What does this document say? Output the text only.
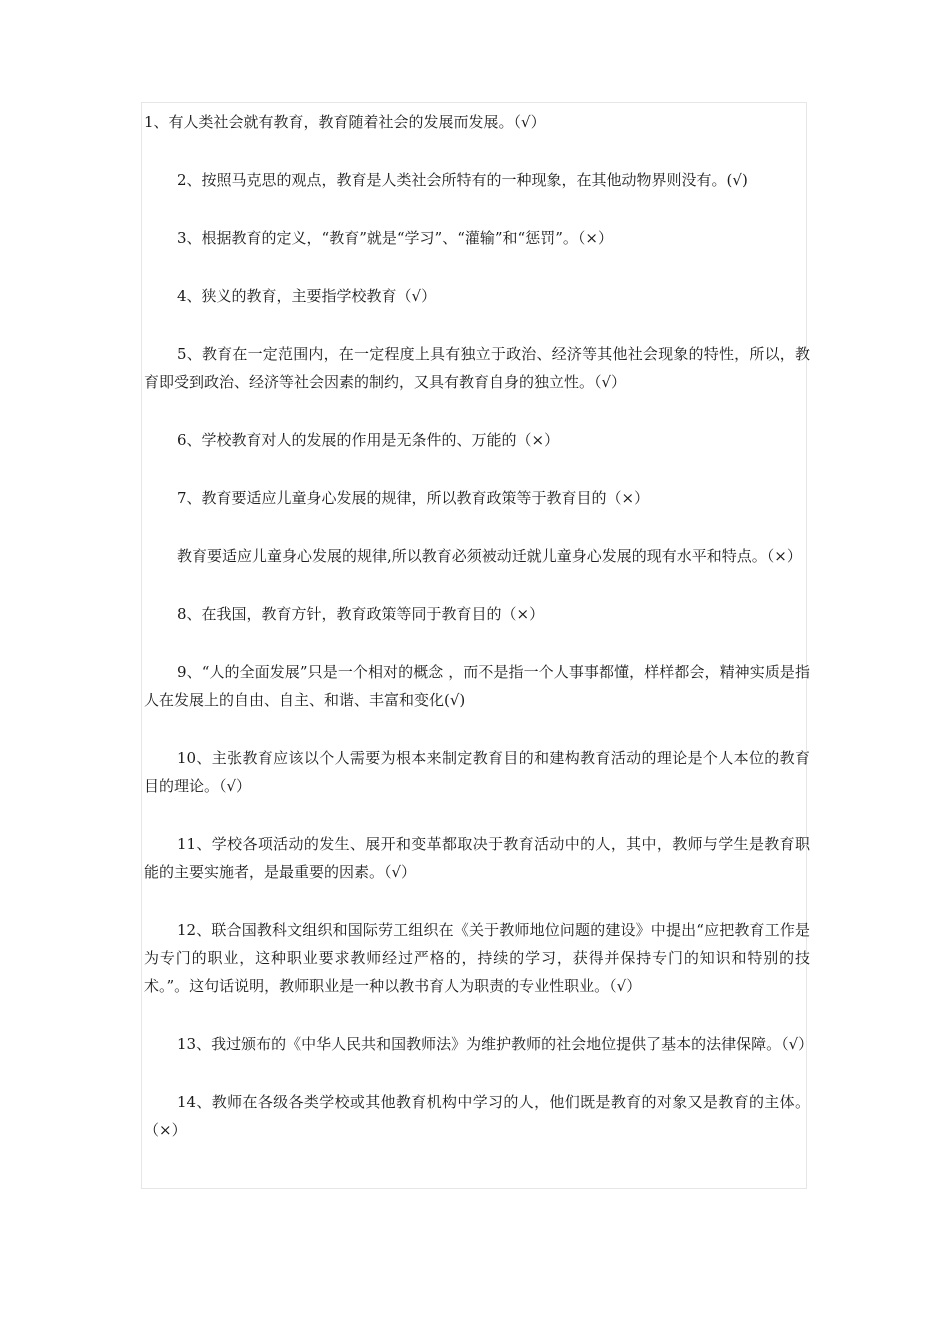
1、有人类社会就有教育，教育随着社会的发展而发展。（√）

2、按照马克思的观点，教育是人类社会所特有的一种现象，在其他动物界则没有。(√)

3、根据教育的定义，“教育”就是“学习”、“灌输”和“惩罚”。（×）

4、狭义的教育，主要指学校教育（√）

5、教育在一定范围内，在一定程度上具有独立于政治、经济等其他社会现象的特性，所以，教育即受到政治、经济等社会因素的制约，又具有教育自身的独立性。（√）

6、学校教育对人的发展的作用是无条件的、万能的（×）

7、教育要适应儿童身心发展的规律，所以教育政策等于教育目的（×）

教育要适应儿童身心发展的规律,所以教育必须被动迁就儿童身心发展的现有水平和特点。（×）

8、在我国，教育方针，教育政策等同于教育目的（×）

9、“人的全面发展”只是一个相对的概念 ，而不是指一个人事事都懂，样样都会，精神实质是指人在发展上的自由、自主、和谐、丰富和变化(√)

10、主张教育应该以个人需要为根本来制定教育目的和建构教育活动的理论是个人本位的教育目的理论。（√）

11、学校各项活动的发生、展开和变革都取决于教育活动中的人，其中，教师与学生是教育职能的主要实施者，是最重要的因素。（√）

12、联合国教科文组织和国际劳工组织在《关于教师地位问题的建设》中提出“应把教育工作是为专门的职业，这种职业要求教师经过严格的，持续的学习，获得并保持专门的知识和特别的技术。”。这句话说明，教师职业是一种以教书育人为职责的专业性职业。（√）

13、我过颁布的《中华人民共和国教师法》为维护教师的社会地位提供了基本的法律保障。（√）

14、教师在各级各类学校或其他教育机构中学习的人，他们既是教育的对象又是教育的主体。（×）
